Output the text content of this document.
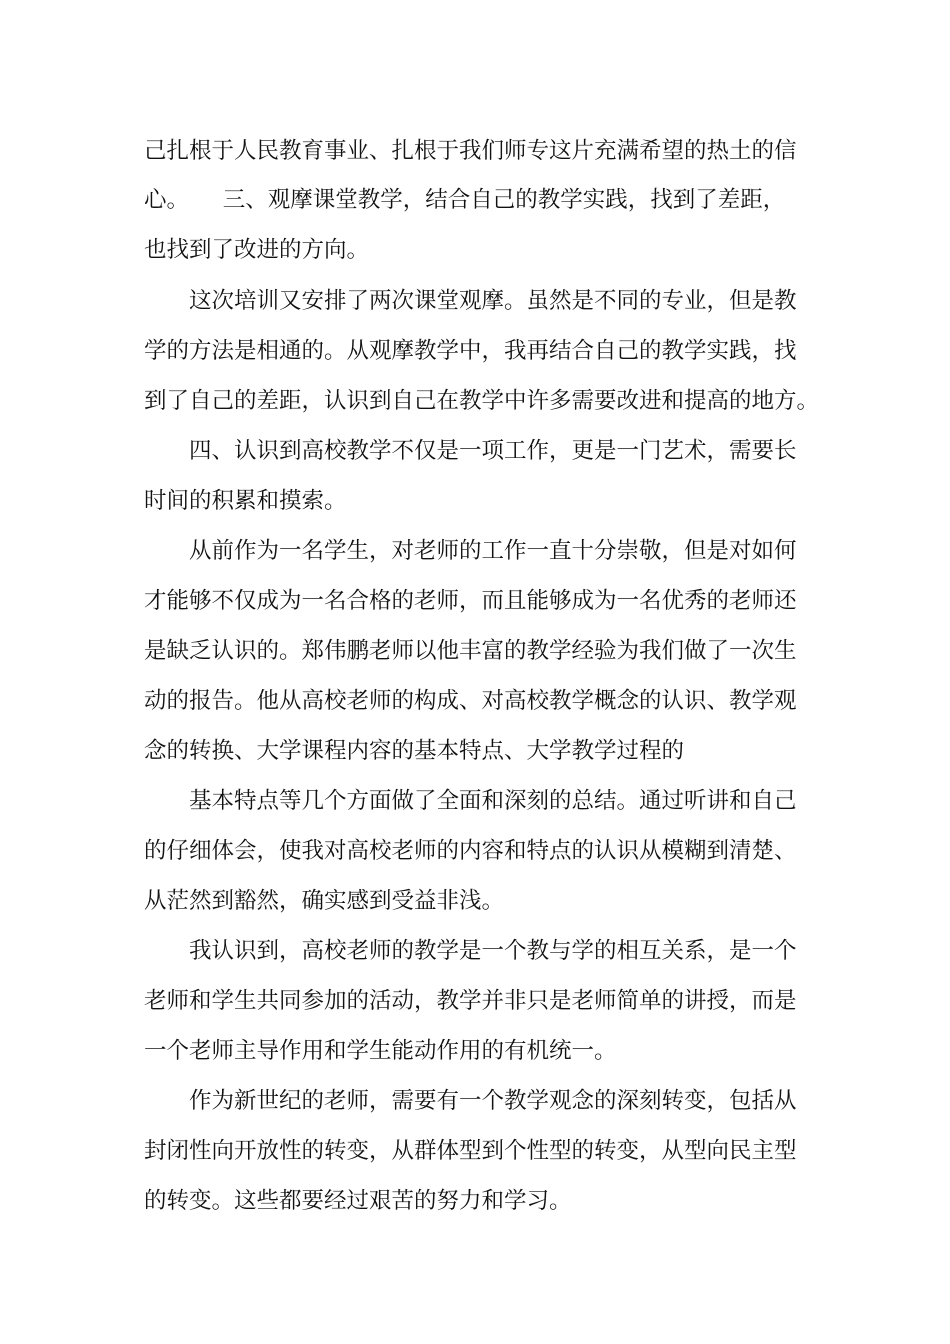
己扎根于人民教育事业、扎根于我们师专这片充满希望的热土的信

心。　　三、观摩课堂教学，结合自己的教学实践，找到了差距，

也找到了改进的方向。

这次培训又安排了两次课堂观摩。虽然是不同的专业，但是教

学的方法是相通的。从观摩教学中，我再结合自己的教学实践，找

到了自己的差距，认识到自己在教学中许多需要改进和提高的地方。

四、认识到高校教学不仅是一项工作，更是一门艺术，需要长

时间的积累和摸索。

从前作为一名学生，对老师的工作一直十分崇敬，但是对如何

才能够不仅成为一名合格的老师，而且能够成为一名优秀的老师还

是缺乏认识的。郑伟鹏老师以他丰富的教学经验为我们做了一次生

动的报告。他从高校老师的构成、对高校教学概念的认识、教学观

念的转换、大学课程内容的基本特点、大学教学过程的

基本特点等几个方面做了全面和深刻的总结。通过听讲和自己

的仔细体会，使我对高校老师的内容和特点的认识从模糊到清楚、

从茫然到豁然，确实感到受益非浅。

我认识到，高校老师的教学是一个教与学的相互关系，是一个

老师和学生共同参加的活动，教学并非只是老师简单的讲授，而是

一个老师主导作用和学生能动作用的有机统一。

作为新世纪的老师，需要有一个教学观念的深刻转变，包括从

封闭性向开放性的转变，从群体型到个性型的转变，从型向民主型

的转变。这些都要经过艰苦的努力和学习。
